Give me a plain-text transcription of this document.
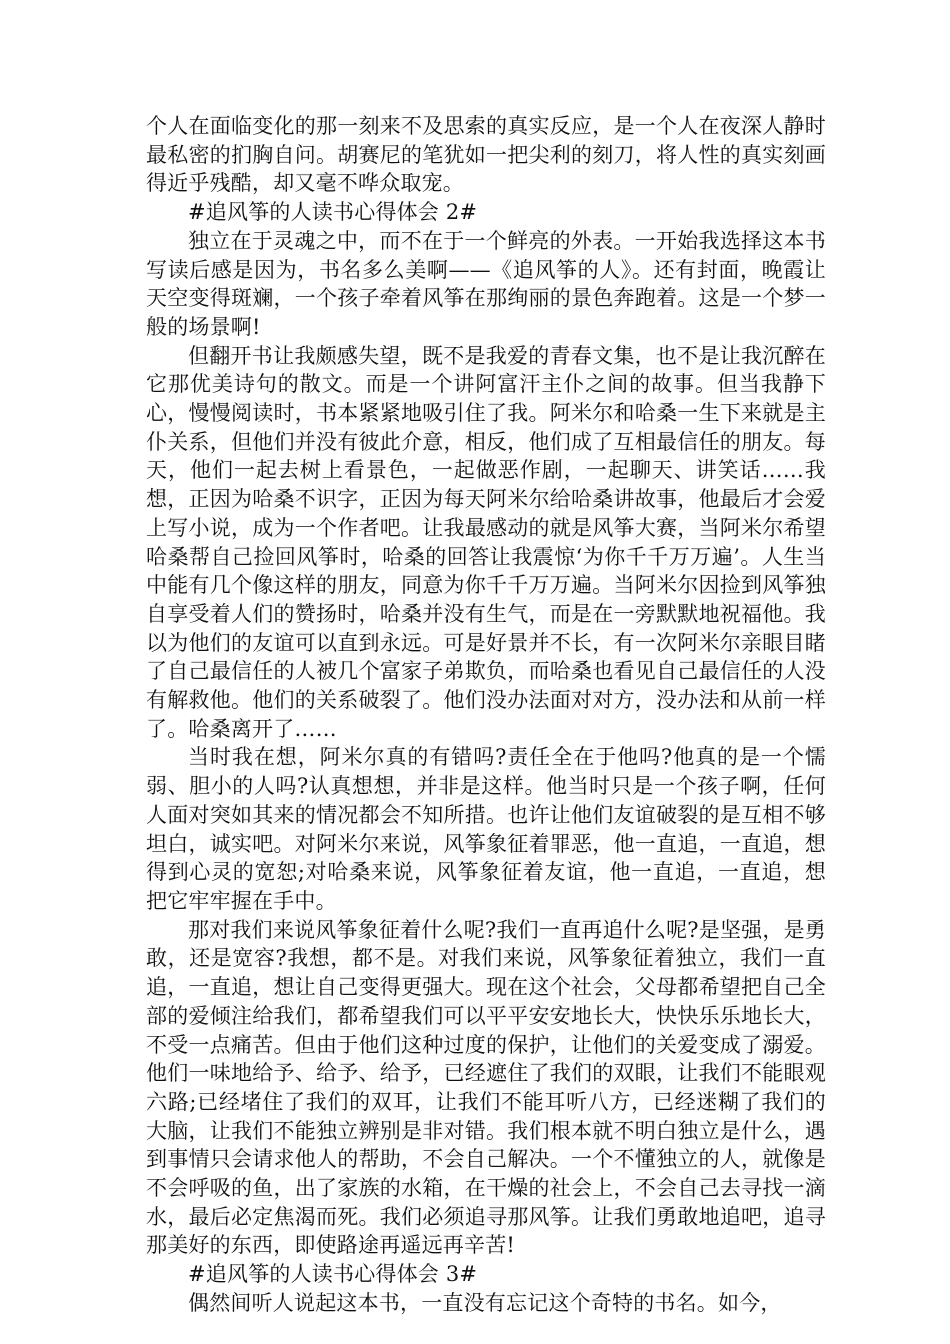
个人在面临变化的那一刻来不及思索的真实反应，是一个人在夜深人静时最私密的扪胸自问。胡赛尼的笔犹如一把尖利的刻刀，将人性的真实刻画得近乎残酷，却又毫不哗众取宠。

#追风筝的人读书心得体会 2#

独立在于灵魂之中，而不在于一个鲜亮的外表。一开始我选择这本书写读后感是因为，书名多么美啊——《追风筝的人》。还有封面，晚霞让天空变得斑斓，一个孩子牵着风筝在那绚丽的景色奔跑着。这是一个梦一般的场景啊!

但翻开书让我颇感失望，既不是我爱的青春文集，也不是让我沉醉在它那优美诗句的散文。而是一个讲阿富汗主仆之间的故事。但当我静下心，慢慢阅读时，书本紧紧地吸引住了我。阿米尔和哈桑一生下来就是主仆关系，但他们并没有彼此介意，相反，他们成了互相最信任的朋友。每天，他们一起去树上看景色，一起做恶作剧，一起聊天、讲笑话……我想，正因为哈桑不识字，正因为每天阿米尔给哈桑讲故事，他最后才会爱上写小说，成为一个作者吧。让我最感动的就是风筝大赛，当阿米尔希望哈桑帮自己捡回风筝时，哈桑的回答让我震惊‘为你千千万万遍’。人生当中能有几个像这样的朋友，同意为你千千万万遍。当阿米尔因捡到风筝独自享受着人们的赞扬时，哈桑并没有生气，而是在一旁默默地祝福他。我以为他们的友谊可以直到永远。可是好景并不长，有一次阿米尔亲眼目睹了自己最信任的人被几个富家子弟欺负，而哈桑也看见自己最信任的人没有解救他。他们的关系破裂了。他们没办法面对对方，没办法和从前一样了。哈桑离开了……

当时我在想，阿米尔真的有错吗?责任全在于他吗?他真的是一个懦弱、胆小的人吗?认真想想，并非是这样。他当时只是一个孩子啊，任何人面对突如其来的情况都会不知所措。也许让他们友谊破裂的是互相不够坦白，诚实吧。对阿米尔来说，风筝象征着罪恶，他一直追，一直追，想得到心灵的宽恕;对哈桑来说，风筝象征着友谊，他一直追，一直追，想把它牢牢握在手中。

那对我们来说风筝象征着什么呢?我们一直再追什么呢?是坚强，是勇敢，还是宽容?我想，都不是。对我们来说，风筝象征着独立，我们一直追，一直追，想让自己变得更强大。现在这个社会，父母都希望把自己全部的爱倾注给我们，都希望我们可以平平安安地长大，快快乐乐地长大，不受一点痛苦。但由于他们这种过度的保护，让他们的关爱变成了溺爱。他们一味地给予、给予、给予，已经遮住了我们的双眼，让我们不能眼观六路;已经堵住了我们的双耳，让我们不能耳听八方，已经迷糊了我们的大脑，让我们不能独立辨别是非对错。我们根本就不明白独立是什么，遇到事情只会请求他人的帮助，不会自己解决。一个不懂独立的人，就像是不会呼吸的鱼，出了家族的水箱，在干燥的社会上，不会自己去寻找一滴水，最后必定焦渴而死。我们必须追寻那风筝。让我们勇敢地追吧，追寻那美好的东西，即使路途再遥远再辛苦!

#追风筝的人读书心得体会 3#

偶然间听人说起这本书，一直没有忘记这个奇特的书名。如今，
